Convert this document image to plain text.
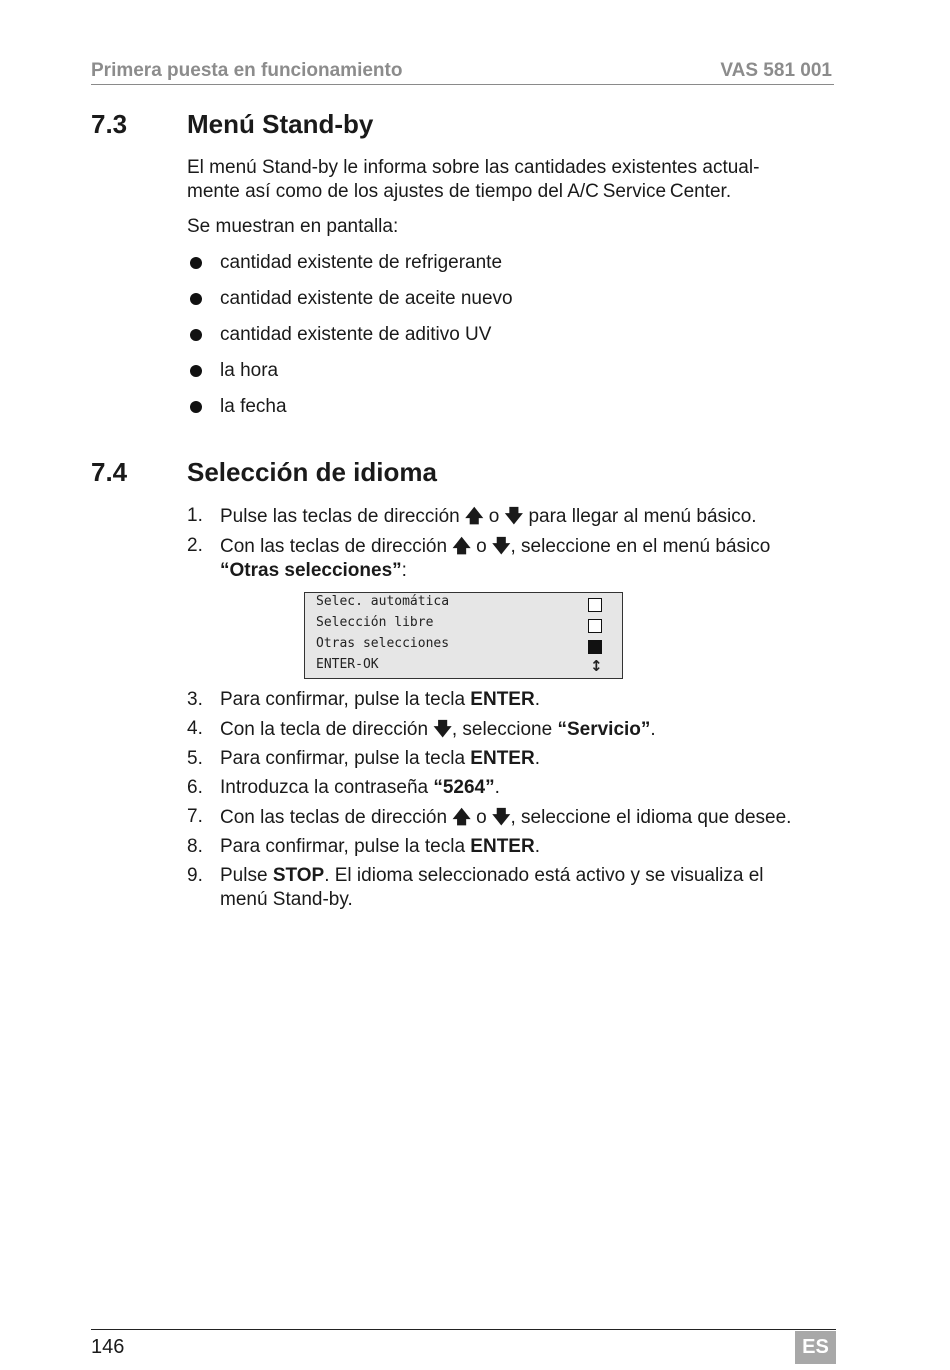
Primera puesta en funcionamiento	VAS 581 001
7.3 Menú Stand-by

El menú Stand-by le informa sobre las cantidades existentes actual-
mente así como de los ajustes de tiempo del A/C Service Center.

Se muestran en pantalla:

cantidad existente de refrigerante
cantidad existente de aceite nuevo
cantidad existente de aditivo UV
la hora
la fecha
7.4 Selección de idioma
1. Pulse las teclas de dirección 🡅 o 🡇 para llegar al menú básico.
2. Con las teclas de dirección 🡅 o 🡇, seleccione en el menú básico
“Otras selecciones”:
Selec. automática
Selección libre
Otras selecciones
ENTER-OK	↕
3. Para confirmar, pulse la tecla ENTER.
4. Con la tecla de dirección 🡇, seleccione “Servicio”.
5. Para confirmar, pulse la tecla ENTER.
6. Introduzca la contraseña “5264”.
7. Con las teclas de dirección 🡅 o 🡇, seleccione el idioma que desee.
8. Para confirmar, pulse la tecla ENTER.
9. Pulse STOP. El idioma seleccionado está activo y se visualiza el menú Stand-by.
146	ES
